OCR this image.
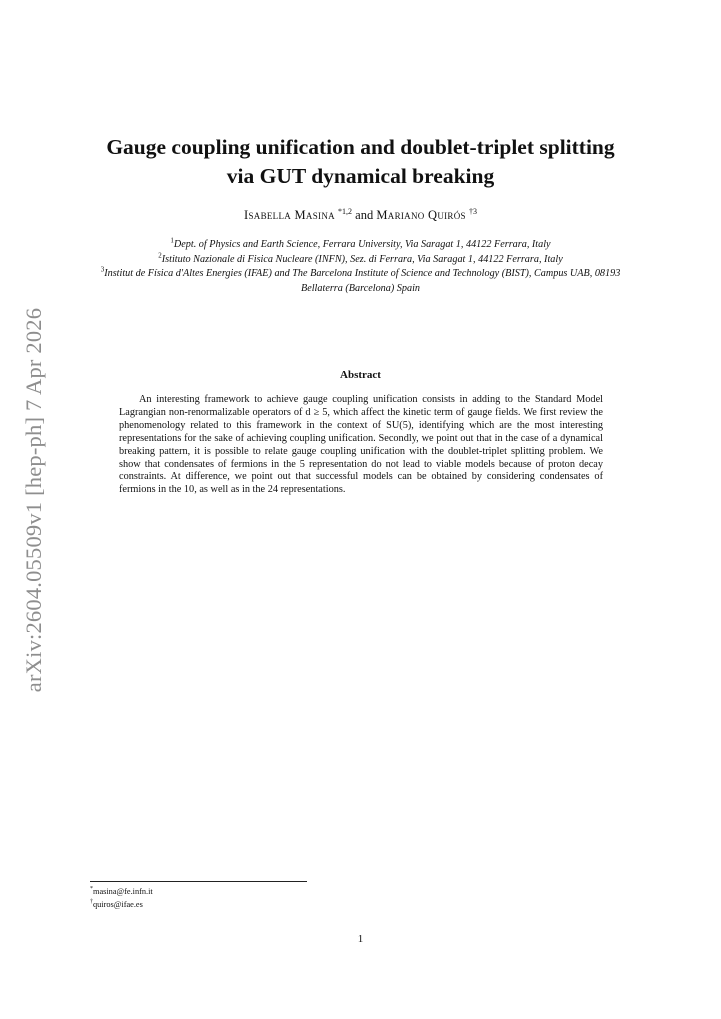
arXiv:2604.05509v1 [hep-ph] 7 Apr 2026
Gauge coupling unification and doublet-triplet splitting
via GUT dynamical breaking
Isabella Masina $^{*1,2}$ and Mariano Quirós $^{\dagger 3}$
$^1$Dept. of Physics and Earth Science, Ferrara University, Via Saragat 1, 44122 Ferrara, Italy
$^2$Istituto Nazionale di Fisica Nucleare (INFN), Sez. di Ferrara, Via Saragat 1, 44122 Ferrara, Italy
$^3$Institut de Física d'Altes Energies (IFAE) and The Barcelona Institute of Science and Technology (BIST), Campus UAB, 08193 Bellaterra (Barcelona) Spain
Abstract
An interesting framework to achieve gauge coupling unification consists in adding to the Standard Model Lagrangian non-renormalizable operators of d ≥ 5, which affect the kinetic term of gauge fields. We first review the phenomenology related to this framework in the context of SU(5), identifying which are the most interesting representations for the sake of achieving coupling unification. Secondly, we point out that in the case of a dynamical breaking pattern, it is possible to relate gauge coupling unification with the doublet-triplet splitting problem. We show that condensates of fermions in the 5 representation do not lead to viable models because of proton decay constraints. At difference, we point out that successful models can be obtained by considering condensates of fermions in the 10, as well as in the 24 representations.
*masina@fe.infn.it
†quiros@ifae.es
1
